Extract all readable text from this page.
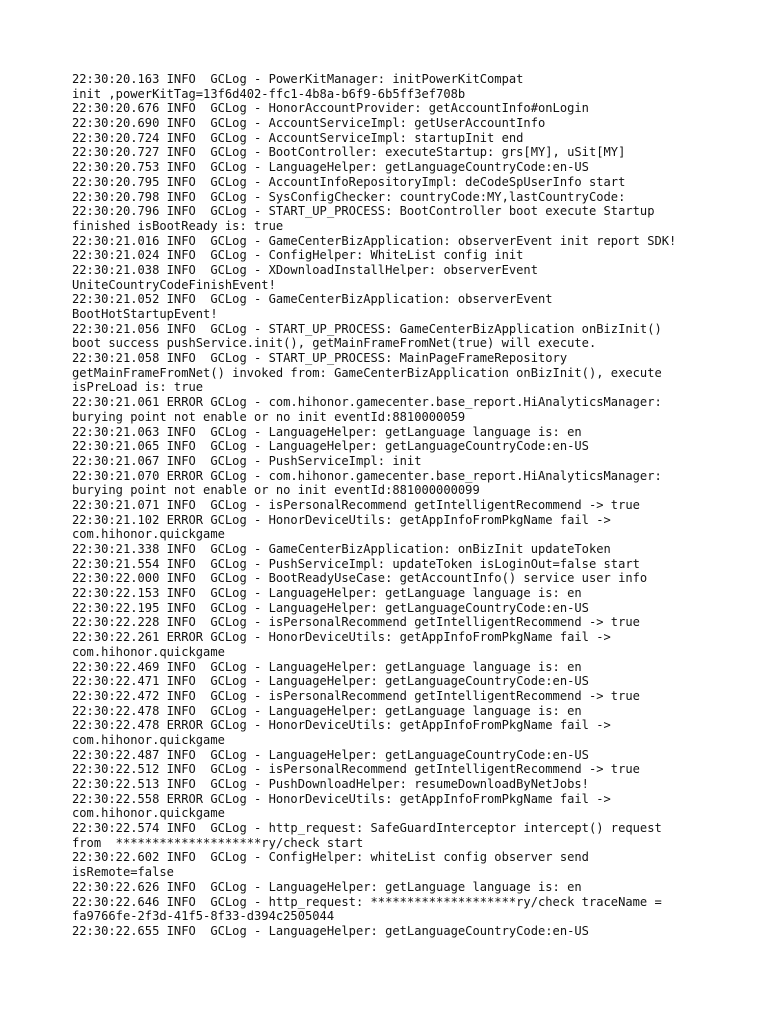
22:30:20.163 INFO  GCLog - PowerKitManager: initPowerKitCompat
init ,powerKitTag=13f6d402-ffc1-4b8a-b6f9-6b5ff3ef708b
22:30:20.676 INFO  GCLog - HonorAccountProvider: getAccountInfo#onLogin
22:30:20.690 INFO  GCLog - AccountServiceImpl: getUserAccountInfo
22:30:20.724 INFO  GCLog - AccountServiceImpl: startupInit end
22:30:20.727 INFO  GCLog - BootController: executeStartup: grs[MY], uSit[MY]
22:30:20.753 INFO  GCLog - LanguageHelper: getLanguageCountryCode:en-US
22:30:20.795 INFO  GCLog - AccountInfoRepositoryImpl: deCodeSpUserInfo start
22:30:20.798 INFO  GCLog - SysConfigChecker: countryCode:MY,lastCountryCode:
22:30:20.796 INFO  GCLog - START_UP_PROCESS: BootController boot execute Startup
finished isBootReady is: true
22:30:21.016 INFO  GCLog - GameCenterBizApplication: observerEvent init report SDK!
22:30:21.024 INFO  GCLog - ConfigHelper: WhiteList config init
22:30:21.038 INFO  GCLog - XDownloadInstallHelper: observerEvent
UniteCountryCodeFinishEvent!
22:30:21.052 INFO  GCLog - GameCenterBizApplication: observerEvent
BootHotStartupEvent!
22:30:21.056 INFO  GCLog - START_UP_PROCESS: GameCenterBizApplication onBizInit()
boot success pushService.init(), getMainFrameFromNet(true) will execute.
22:30:21.058 INFO  GCLog - START_UP_PROCESS: MainPageFrameRepository
getMainFrameFromNet() invoked from: GameCenterBizApplication onBizInit(), execute
isPreLoad is: true
22:30:21.061 ERROR GCLog - com.hihonor.gamecenter.base_report.HiAnalyticsManager:
burying point not enable or no init eventId:8810000059
22:30:21.063 INFO  GCLog - LanguageHelper: getLanguage language is: en
22:30:21.065 INFO  GCLog - LanguageHelper: getLanguageCountryCode:en-US
22:30:21.067 INFO  GCLog - PushServiceImpl: init
22:30:21.070 ERROR GCLog - com.hihonor.gamecenter.base_report.HiAnalyticsManager:
burying point not enable or no init eventId:881000000099
22:30:21.071 INFO  GCLog - isPersonalRecommend getIntelligentRecommend -> true
22:30:21.102 ERROR GCLog - HonorDeviceUtils: getAppInfoFromPkgName fail ->
com.hihonor.quickgame
22:30:21.338 INFO  GCLog - GameCenterBizApplication: onBizInit updateToken
22:30:21.554 INFO  GCLog - PushServiceImpl: updateToken isLoginOut=false start
22:30:22.000 INFO  GCLog - BootReadyUseCase: getAccountInfo() service user info
22:30:22.153 INFO  GCLog - LanguageHelper: getLanguage language is: en
22:30:22.195 INFO  GCLog - LanguageHelper: getLanguageCountryCode:en-US
22:30:22.228 INFO  GCLog - isPersonalRecommend getIntelligentRecommend -> true
22:30:22.261 ERROR GCLog - HonorDeviceUtils: getAppInfoFromPkgName fail ->
com.hihonor.quickgame
22:30:22.469 INFO  GCLog - LanguageHelper: getLanguage language is: en
22:30:22.471 INFO  GCLog - LanguageHelper: getLanguageCountryCode:en-US
22:30:22.472 INFO  GCLog - isPersonalRecommend getIntelligentRecommend -> true
22:30:22.478 INFO  GCLog - LanguageHelper: getLanguage language is: en
22:30:22.478 ERROR GCLog - HonorDeviceUtils: getAppInfoFromPkgName fail ->
com.hihonor.quickgame
22:30:22.487 INFO  GCLog - LanguageHelper: getLanguageCountryCode:en-US
22:30:22.512 INFO  GCLog - isPersonalRecommend getIntelligentRecommend -> true
22:30:22.513 INFO  GCLog - PushDownloadHelper: resumeDownloadByNetJobs!
22:30:22.558 ERROR GCLog - HonorDeviceUtils: getAppInfoFromPkgName fail ->
com.hihonor.quickgame
22:30:22.574 INFO  GCLog - http_request: SafeGuardInterceptor intercept() request
from  ********************ry/check start
22:30:22.602 INFO  GCLog - ConfigHelper: whiteList config observer send
isRemote=false
22:30:22.626 INFO  GCLog - LanguageHelper: getLanguage language is: en
22:30:22.646 INFO  GCLog - http_request: ********************ry/check traceName =
fa9766fe-2f3d-41f5-8f33-d394c2505044
22:30:22.655 INFO  GCLog - LanguageHelper: getLanguageCountryCode:en-US
